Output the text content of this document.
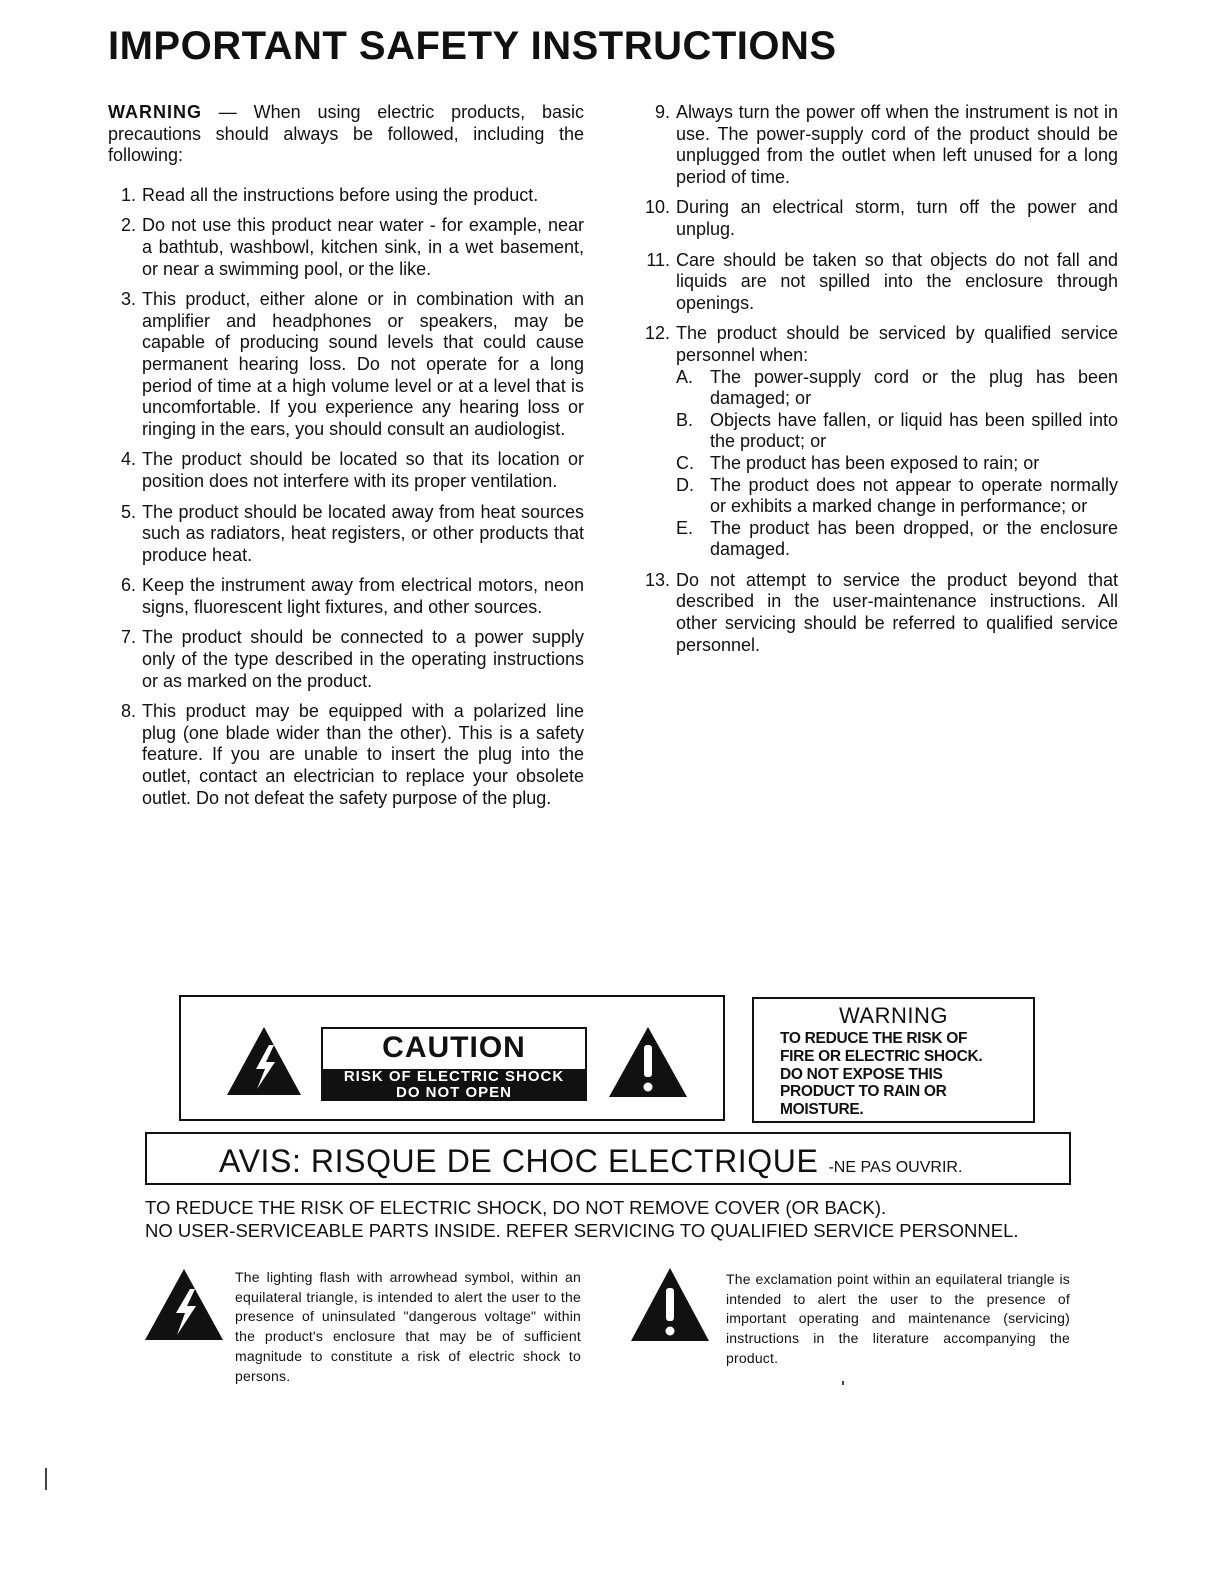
IMPORTANT SAFETY INSTRUCTIONS

WARNING — When using electric products, basic precautions should always be followed, including the following:

1. Read all the instructions before using the product.
2. Do not use this product near water - for example, near a bathtub, washbowl, kitchen sink, in a wet basement, or near a swimming pool, or the like.
3. This product, either alone or in combination with an amplifier and headphones or speakers, may be capable of producing sound levels that could cause permanent hearing loss. Do not operate for a long period of time at a high volume level or at a level that is uncomfortable. If you experience any hearing loss or ringing in the ears, you should consult an audiologist.
4. The product should be located so that its location or position does not interfere with its proper ventilation.
5. The product should be located away from heat sources such as radiators, heat registers, or other products that produce heat.
6. Keep the instrument away from electrical motors, neon signs, fluorescent light fixtures, and other sources.
7. The product should be connected to a power supply only of the type described in the operating instructions or as marked on the product.
8. This product may be equipped with a polarized line plug (one blade wider than the other). This is a safety feature. If you are unable to insert the plug into the outlet, contact an electrician to replace your obsolete outlet. Do not defeat the safety purpose of the plug.
9. Always turn the power off when the instrument is not in use. The power-supply cord of the product should be unplugged from the outlet when left unused for a long period of time.
10. During an electrical storm, turn off the power and unplug.
11. Care should be taken so that objects do not fall and liquids are not spilled into the enclosure through openings.
12. The product should be serviced by qualified service personnel when:
A. The power-supply cord or the plug has been damaged; or
B. Objects have fallen, or liquid has been spilled into the product; or
C. The product has been exposed to rain; or
D. The product does not appear to operate normally or exhibits a marked change in performance; or
E. The product has been dropped, or the enclosure damaged.
13. Do not attempt to service the product beyond that described in the user-maintenance instructions. All other servicing should be referred to qualified service personnel.
CAUTION
RISK OF ELECTRIC SHOCK
DO NOT OPEN
WARNING
TO REDUCE THE RISK OF
FIRE OR ELECTRIC SHOCK.
DO NOT EXPOSE THIS
PRODUCT TO RAIN OR
MOISTURE.
AVIS: RISQUE DE CHOC ELECTRIQUE -NE PAS OUVRIR.
TO REDUCE THE RISK OF ELECTRIC SHOCK, DO NOT REMOVE COVER (OR BACK).
NO USER-SERVICEABLE PARTS INSIDE. REFER SERVICING TO QUALIFIED SERVICE PERSONNEL.
The lighting flash with arrowhead symbol, within an equilateral triangle, is intended to alert the user to the presence of uninsulated "dangerous voltage" within the product's enclosure that may be of sufficient magnitude to constitute a risk of electric shock to persons.
The exclamation point within an equilateral triangle is intended to alert the user to the presence of important operating and maintenance (servicing) instructions in the literature accompanying the product.
